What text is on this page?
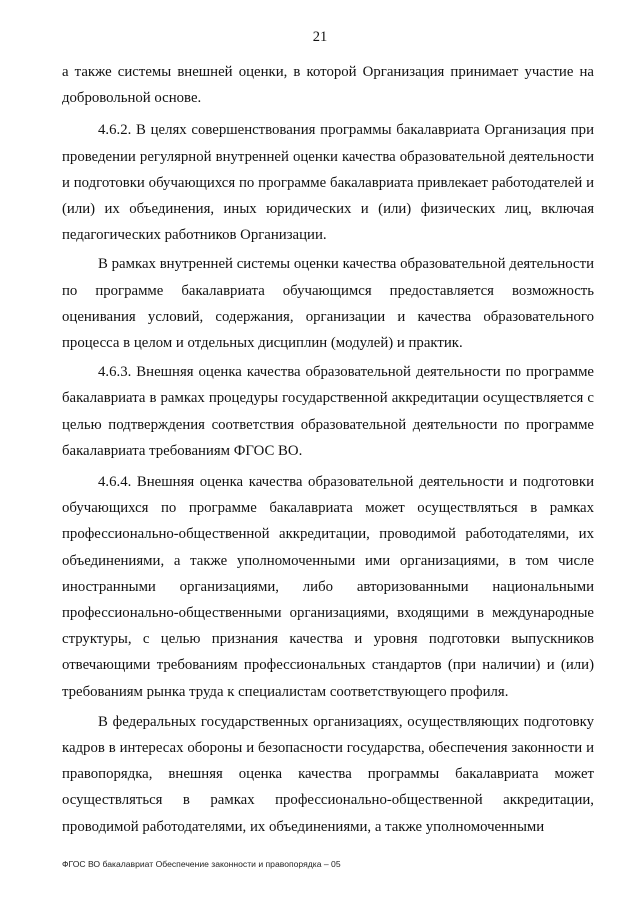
21

а также системы внешней оценки, в которой Организация принимает участие на добровольной основе.

4.6.2. В целях совершенствования программы бакалавриата Организация при проведении регулярной внутренней оценки качества образовательной деятельности и подготовки обучающихся по программе бакалавриата привлекает работодателей и (или) их объединения, иных юридических и (или) физических лиц, включая педагогических работников Организации.

В рамках внутренней системы оценки качества образовательной деятельности по программе бакалавриата обучающимся предоставляется возможность оценивания условий, содержания, организации и качества образовательного процесса в целом и отдельных дисциплин (модулей) и практик.

4.6.3. Внешняя оценка качества образовательной деятельности по программе бакалавриата в рамках процедуры государственной аккредитации осуществляется с целью подтверждения соответствия образовательной деятельности по программе бакалавриата требованиям ФГОС ВО.

4.6.4. Внешняя оценка качества образовательной деятельности и подготовки обучающихся по программе бакалавриата может осуществляться в рамках профессионально-общественной аккредитации, проводимой работодателями, их объединениями, а также уполномоченными ими организациями, в том числе иностранными организациями, либо авторизованными национальными профессионально-общественными организациями, входящими в международные структуры, с целью признания качества и уровня подготовки выпускников отвечающими требованиям профессиональных стандартов (при наличии) и (или) требованиям рынка труда к специалистам соответствующего профиля.

В федеральных государственных организациях, осуществляющих подготовку кадров в интересах обороны и безопасности государства, обеспечения законности и правопорядка, внешняя оценка качества программы бакалавриата может осуществляться в рамках профессионально-общественной аккредитации, проводимой работодателями, их объединениями, а также уполномоченными

ФГОС ВО бакалавриат Обеспечение законности и правопорядка – 05
